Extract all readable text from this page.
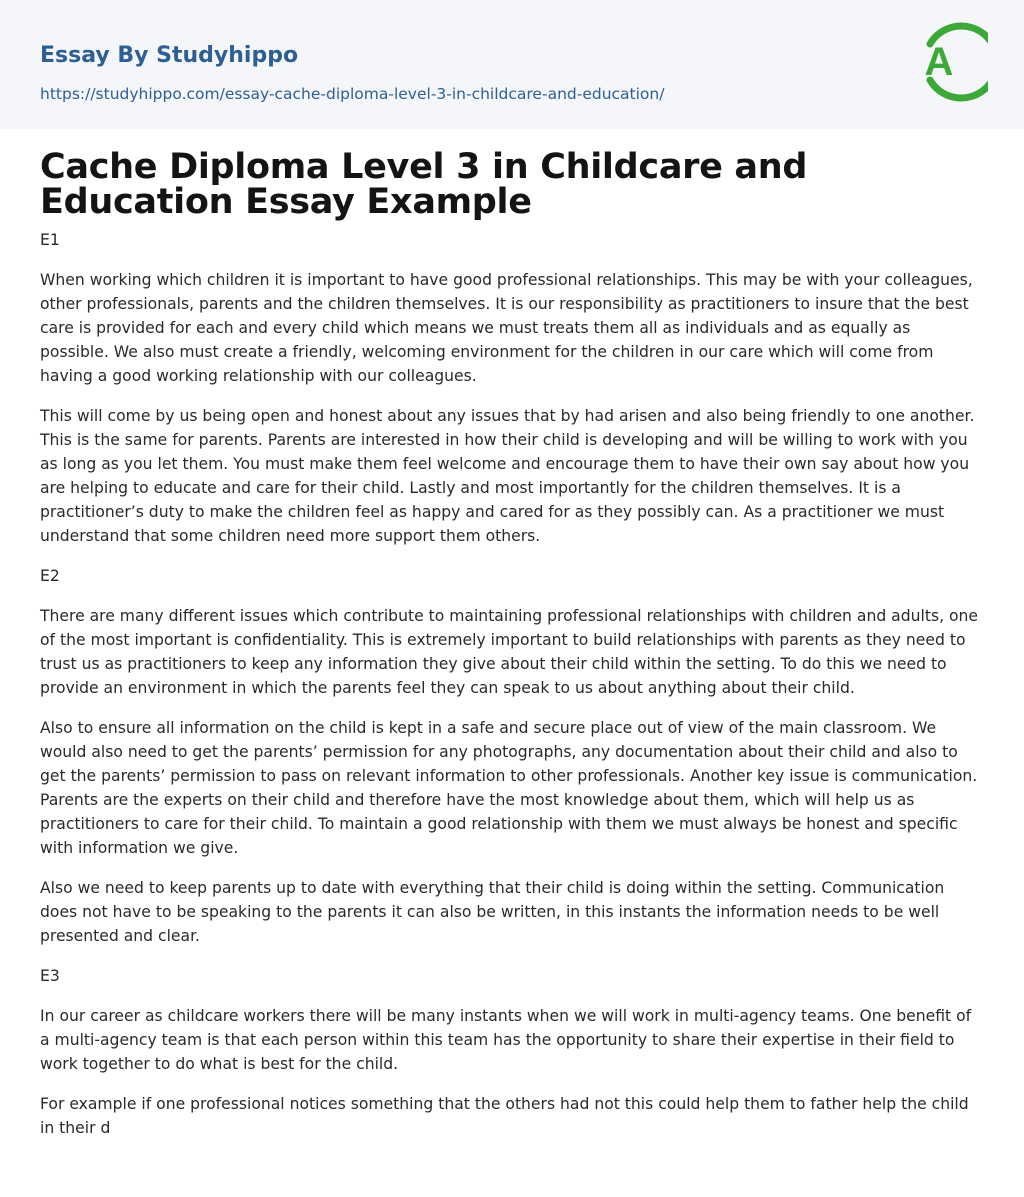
Essay By Studyhippo
https://studyhippo.com/essay-cache-diploma-level-3-in-childcare-and-education/
A
Cache Diploma Level 3 in Childcare and Education Essay Example
E1

When working which children it is important to have good professional relationships. This may be with your colleagues, other professionals, parents and the children themselves. It is our responsibility as practitioners to insure that the best care is provided for each and every child which means we must treats them all as individuals and as equally as possible. We also must create a friendly, welcoming environment for the children in our care which will come from having a good working relationship with our colleagues.

This will come by us being open and honest about any issues that by had arisen and also being friendly to one another. This is the same for parents. Parents are interested in how their child is developing and will be willing to work with you as long as you let them. You must make them feel welcome and encourage them to have their own say about how you are helping to educate and care for their child. Lastly and most importantly for the children themselves. It is a practitioner’s duty to make the children feel as happy and cared for as they possibly can. As a practitioner we must understand that some children need more support them others.

E2

There are many different issues which contribute to maintaining professional relationships with children and adults, one of the most important is confidentiality. This is extremely important to build relationships with parents as they need to trust us as practitioners to keep any information they give about their child within the setting. To do this we need to provide an environment in which the parents feel they can speak to us about anything about their child.

Also to ensure all information on the child is kept in a safe and secure place out of view of the main classroom. We would also need to get the parents’ permission for any photographs, any documentation about their child and also to get the parents’ permission to pass on relevant information to other professionals. Another key issue is communication. Parents are the experts on their child and therefore have the most knowledge about them, which will help us as practitioners to care for their child. To maintain a good relationship with them we must always be honest and specific with information we give.

Also we need to keep parents up to date with everything that their child is doing within the setting. Communication does not have to be speaking to the parents it can also be written, in this instants the information needs to be well presented and clear.

E3

In our career as childcare workers there will be many instants when we will work in multi-agency teams. One benefit of a multi-agency team is that each person within this team has the opportunity to share their expertise in their field to work together to do what is best for the child.

For example if one professional notices something that the others had not this could help them to father help the child in their d
